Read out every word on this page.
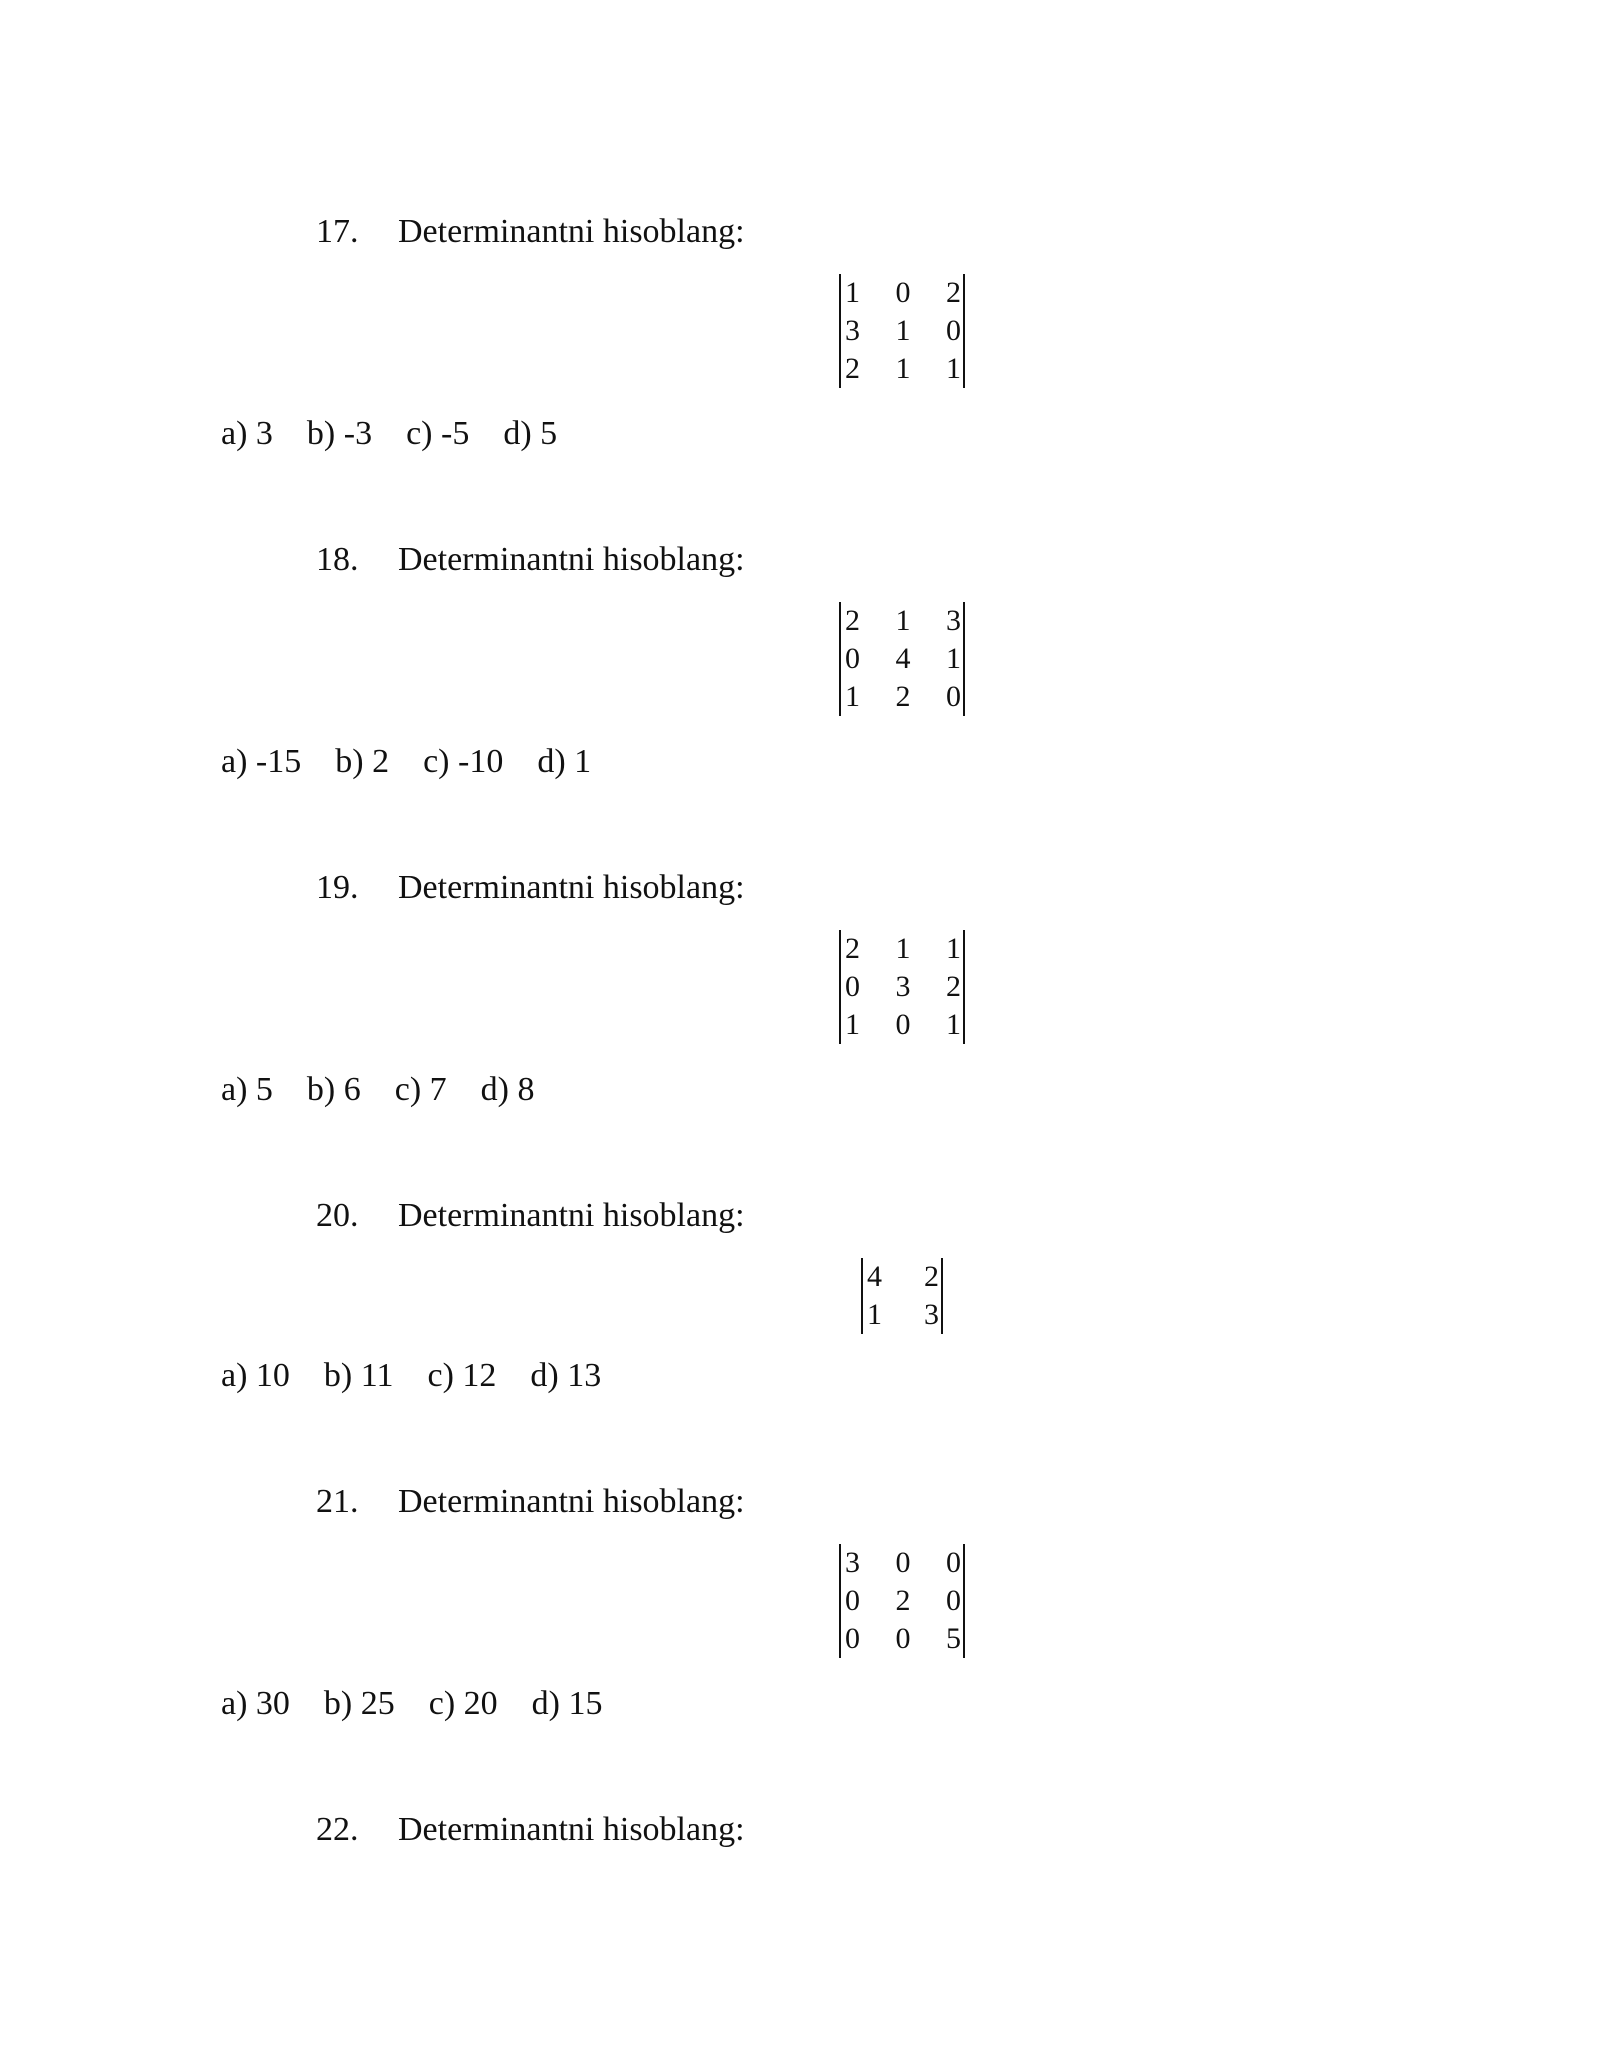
17. Determinantni hisoblang:
1	0	2
3	1	0
2	1	1
a) 3 b) -3 c) -5 d) 5
18. Determinantni hisoblang:
2	1	3
0	4	1
1	2	0
a) -15 b) 2 c) -10 d) 1
19. Determinantni hisoblang:
2	1	1
0	3	2
1	0	1
a) 5 b) 6 c) 7 d) 8
20. Determinantni hisoblang:
4	2
1	3
a) 10 b) 11 c) 12 d) 13
21. Determinantni hisoblang:
3	0	0
0	2	0
0	0	5
a) 30 b) 25 c) 20 d) 15
22. Determinantni hisoblang:
